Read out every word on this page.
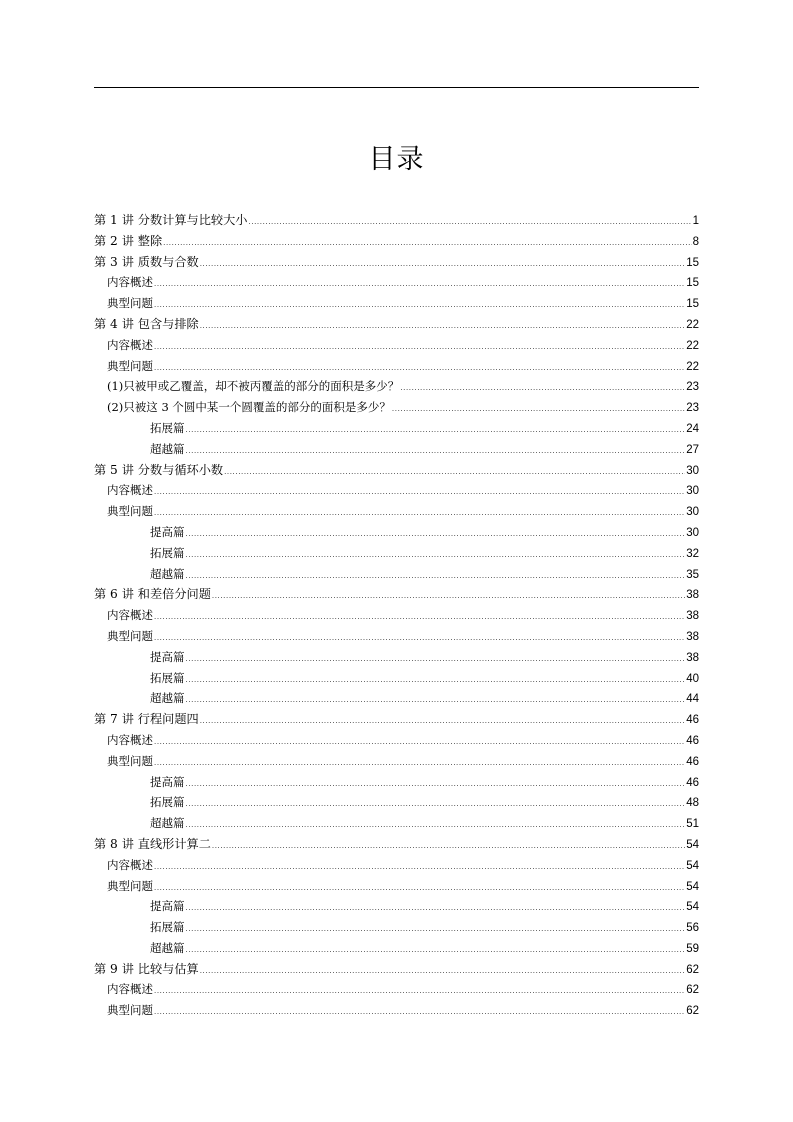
目录
第 1 讲 分数计算与比较大小 .....	1
第 2 讲 整除 .....	8
第 3 讲 质数与合数 .....	15
内容概述 .....	15
典型问题 .....	15
第 4 讲 包含与排除 .....	22
内容概述 .....	22
典型问题 .....	22
(1)只被甲或乙覆盖，却不被丙覆盖的部分的面积是多少？ .....	23
(2)只被这 3 个圆中某一个圆覆盖的部分的面积是多少？ .....	23
拓展篇 .....	24
超越篇 .....	27
第 5 讲 分数与循环小数 .....	30
内容概述 .....	30
典型问题 .....	30
提高篇 .....	30
拓展篇 .....	32
超越篇 .....	35
第 6 讲 和差倍分问题 .....	38
内容概述 .....	38
典型问题 .....	38
提高篇 .....	38
拓展篇 .....	40
超越篇 .....	44
第 7 讲 行程问题四 .....	46
内容概述 .....	46
典型问题 .....	46
提高篇 .....	46
拓展篇 .....	48
超越篇 .....	51
第 8 讲 直线形计算二 .....	54
内容概述 .....	54
典型问题 .....	54
提高篇 .....	54
拓展篇 .....	56
超越篇 .....	59
第 9 讲 比较与估算 .....	62
内容概述 .....	62
典型问题 .....	62
